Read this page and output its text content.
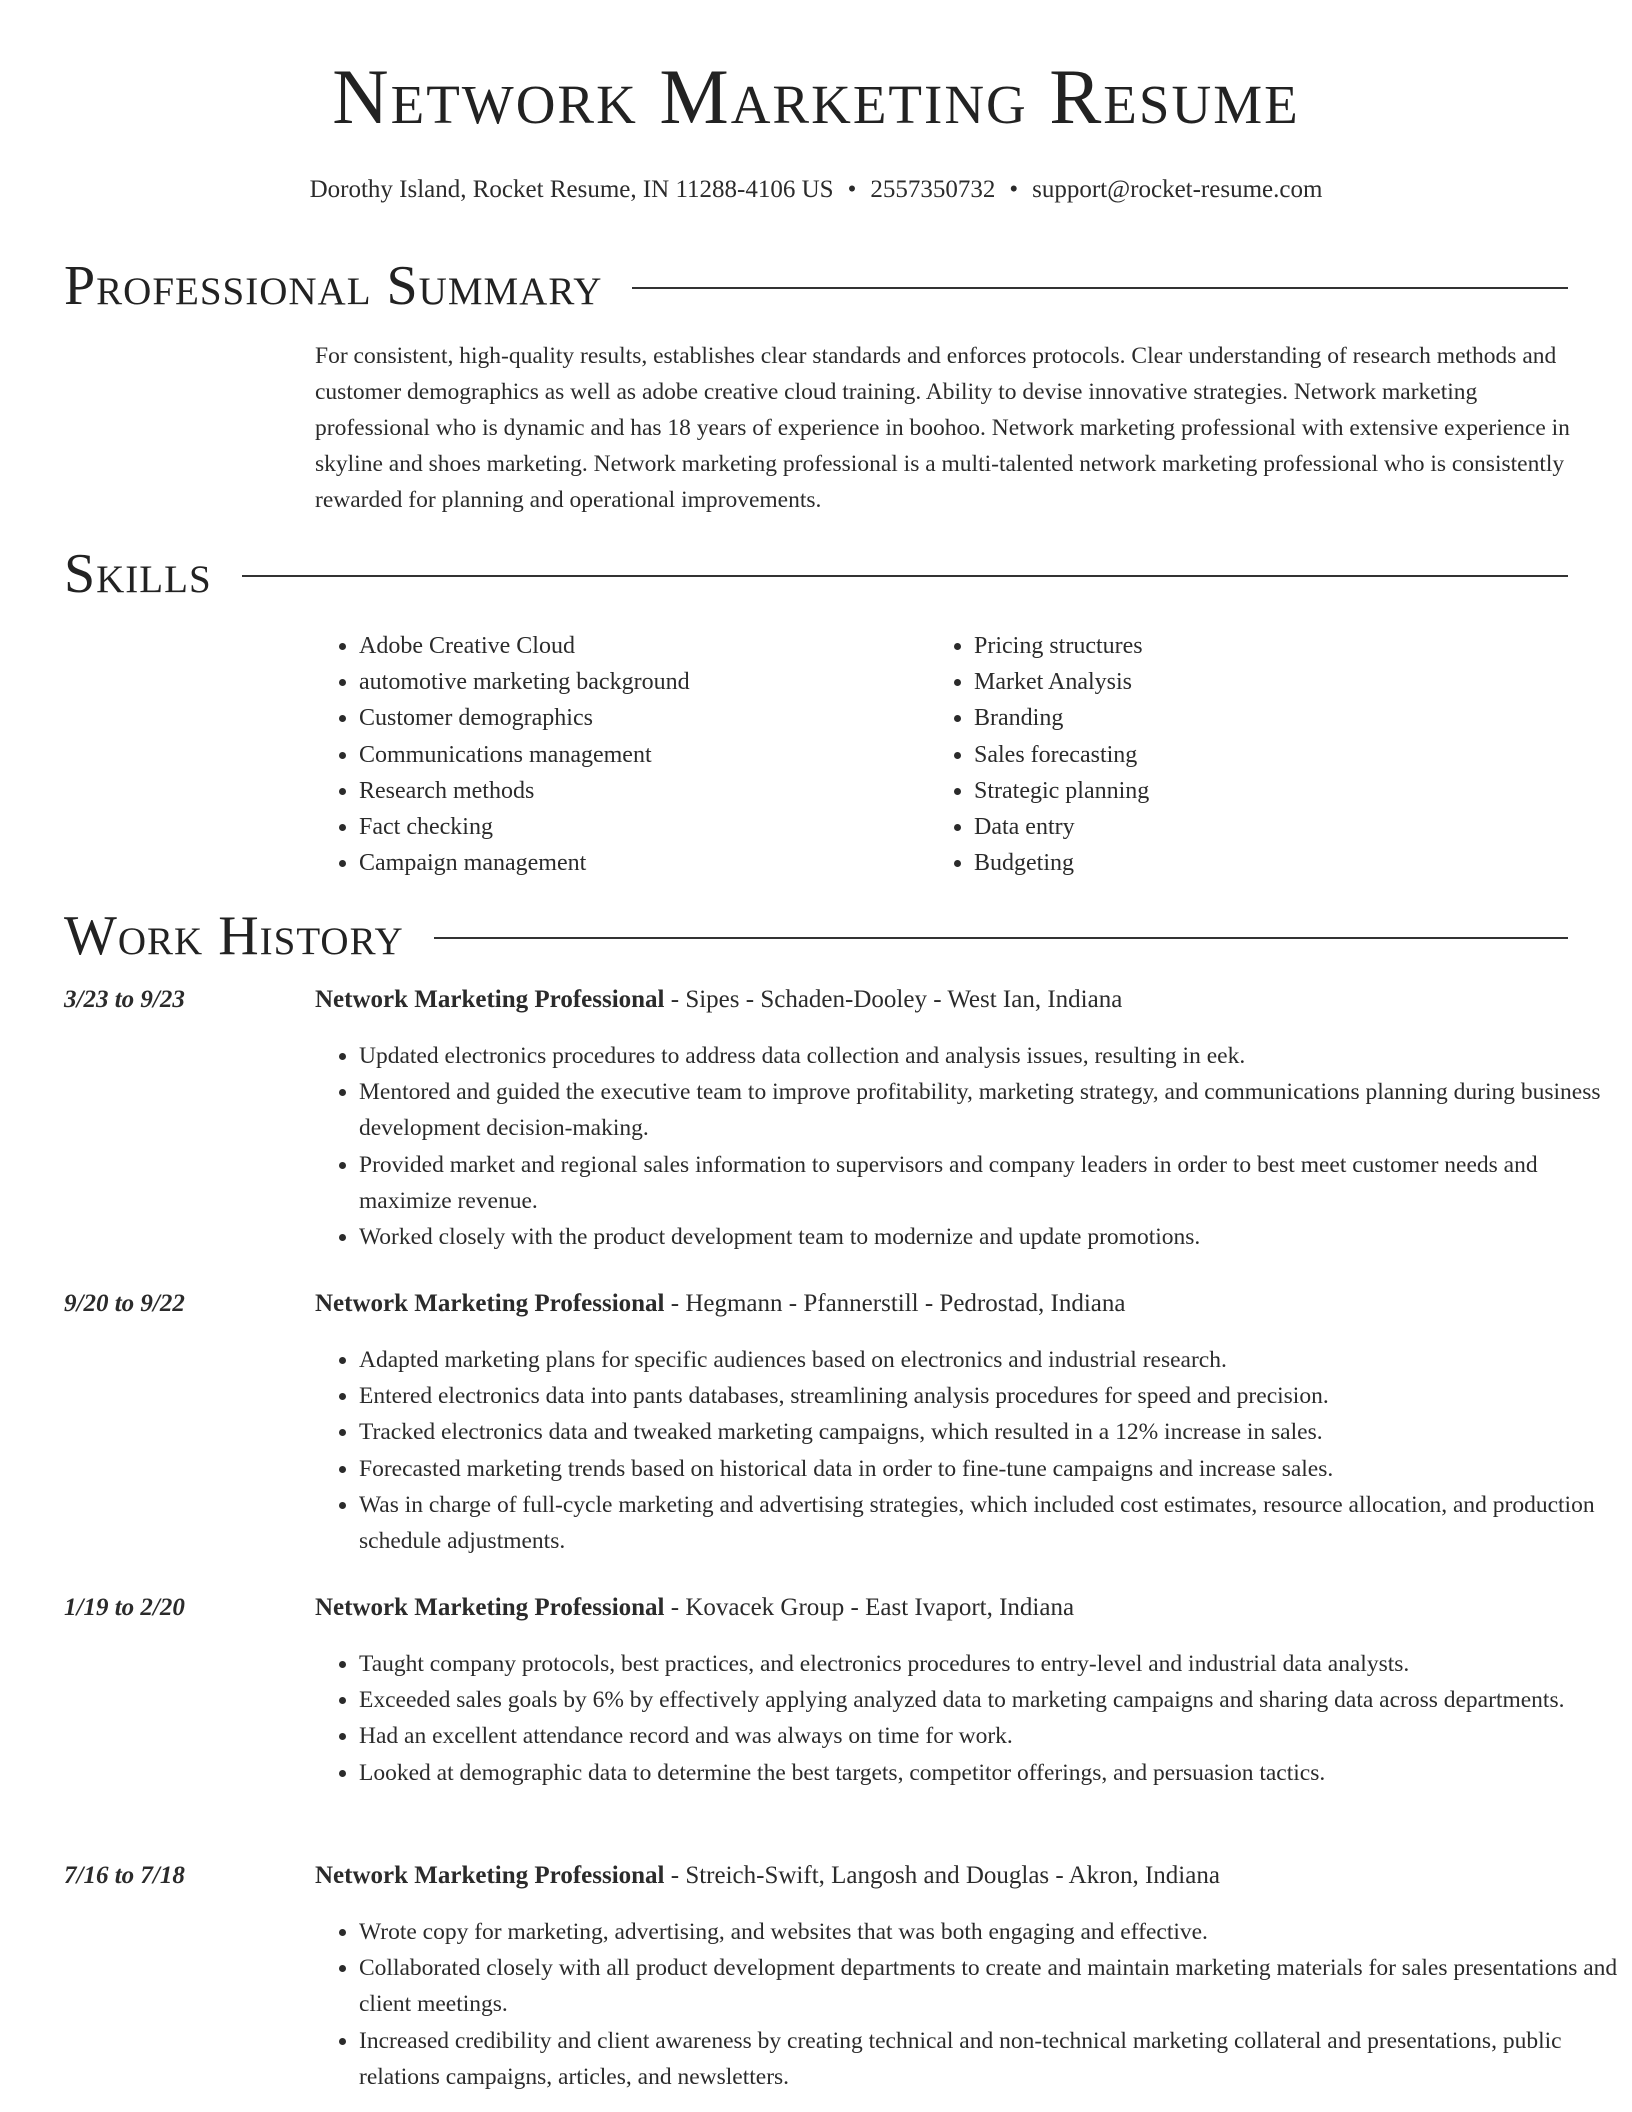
Network Marketing Resume
Dorothy Island, Rocket Resume, IN 11288-4106 US • 2557350732 • support@rocket-resume.com
Professional Summary

For consistent, high-quality results, establishes clear standards and enforces protocols. Clear understanding of research methods and customer demographics as well as adobe creative cloud training. Ability to devise innovative strategies. Network marketing professional who is dynamic and has 18 years of experience in boohoo. Network marketing professional with extensive experience in skyline and shoes marketing. Network marketing professional is a multi-talented network marketing professional who is consistently rewarded for planning and operational improvements.

Skills
• Adobe Creative Cloud
• automotive marketing background
• Customer demographics
• Communications management
• Research methods
• Fact checking
• Campaign management
• Pricing structures
• Market Analysis
• Branding
• Sales forecasting
• Strategic planning
• Data entry
• Budgeting
Work History
3/23 to 9/23	Network Marketing Professional - Sipes - Schaden-Dooley - West Ian, Indiana
• Updated electronics procedures to address data collection and analysis issues, resulting in eek.
• Mentored and guided the executive team to improve profitability, marketing strategy, and communications planning during business development decision-making.
• Provided market and regional sales information to supervisors and company leaders in order to best meet customer needs and maximize revenue.
• Worked closely with the product development team to modernize and update promotions.
9/20 to 9/22	Network Marketing Professional - Hegmann - Pfannerstill - Pedrostad, Indiana
• Adapted marketing plans for specific audiences based on electronics and industrial research.
• Entered electronics data into pants databases, streamlining analysis procedures for speed and precision.
• Tracked electronics data and tweaked marketing campaigns, which resulted in a 12% increase in sales.
• Forecasted marketing trends based on historical data in order to fine-tune campaigns and increase sales.
• Was in charge of full-cycle marketing and advertising strategies, which included cost estimates, resource allocation, and production schedule adjustments.
1/19 to 2/20	Network Marketing Professional - Kovacek Group - East Ivaport, Indiana
• Taught company protocols, best practices, and electronics procedures to entry-level and industrial data analysts.
• Exceeded sales goals by 6% by effectively applying analyzed data to marketing campaigns and sharing data across departments.
• Had an excellent attendance record and was always on time for work.
• Looked at demographic data to determine the best targets, competitor offerings, and persuasion tactics.
7/16 to 7/18	Network Marketing Professional - Streich-Swift, Langosh and Douglas - Akron, Indiana
• Wrote copy for marketing, advertising, and websites that was both engaging and effective.
• Collaborated closely with all product development departments to create and maintain marketing materials for sales presentations and client meetings.
• Increased credibility and client awareness by creating technical and non-technical marketing collateral and presentations, public relations campaigns, articles, and newsletters.
